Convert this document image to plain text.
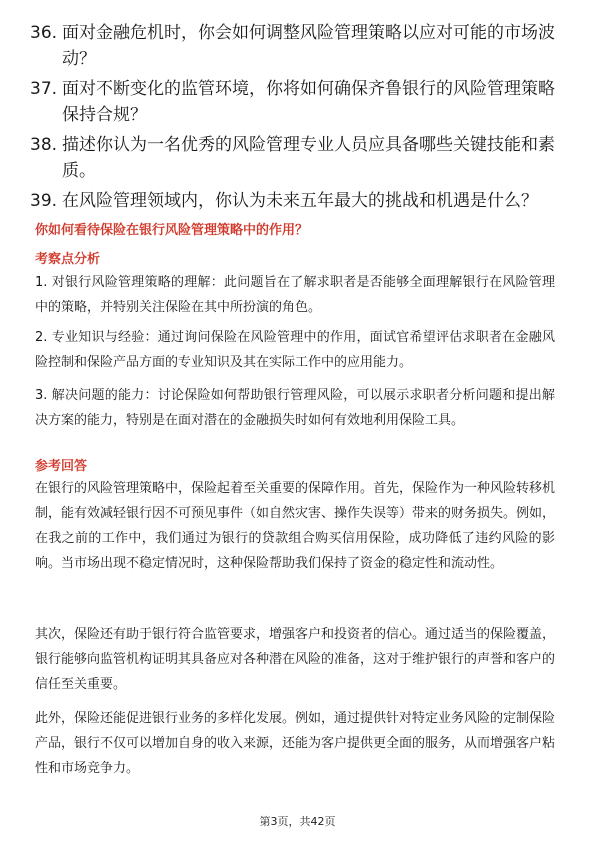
36. 面对金融危机时，你会如何调整风险管理策略以应对可能的市场波动？
37. 面对不断变化的监管环境，你将如何确保齐鲁银行的风险管理策略保持合规？
38. 描述你认为一名优秀的风险管理专业人员应具备哪些关键技能和素质。
39. 在风险管理领域内，你认为未来五年最大的挑战和机遇是什么？
你如何看待保险在银行风险管理策略中的作用？
考察点分析
1. 对银行风险管理策略的理解：此问题旨在了解求职者是否能够全面理解银行在风险管理中的策略，并特别关注保险在其中所扮演的角色。
2. 专业知识与经验：通过询问保险在风险管理中的作用，面试官希望评估求职者在金融风险控制和保险产品方面的专业知识及其在实际工作中的应用能力。
3. 解决问题的能力：讨论保险如何帮助银行管理风险，可以展示求职者分析问题和提出解决方案的能力，特别是在面对潜在的金融损失时如何有效地利用保险工具。
参考回答
在银行的风险管理策略中，保险起着至关重要的保障作用。首先，保险作为一种风险转移机制，能有效减轻银行因不可预见事件（如自然灾害、操作失误等）带来的财务损失。例如，在我之前的工作中，我们通过为银行的贷款组合购买信用保险，成功降低了违约风险的影响。当市场出现不稳定情况时，这种保险帮助我们保持了资金的稳定性和流动性。
其次，保险还有助于银行符合监管要求，增强客户和投资者的信心。通过适当的保险覆盖，银行能够向监管机构证明其具备应对各种潜在风险的准备，这对于维护银行的声誉和客户的信任至关重要。
此外，保险还能促进银行业务的多样化发展。例如，通过提供针对特定业务风险的定制保险产品，银行不仅可以增加自身的收入来源，还能为客户提供更全面的服务，从而增强客户粘性和市场竞争力。
第3页，共42页
